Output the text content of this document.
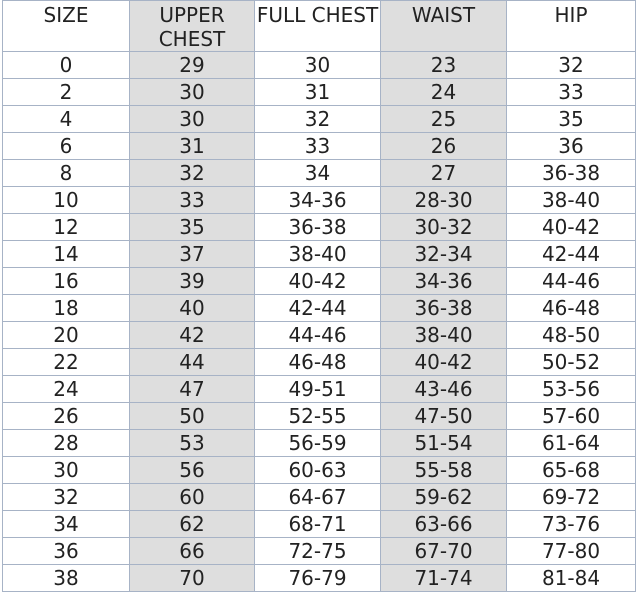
SIZE	UPPER CHEST	FULL CHEST	WAIST	HIP
0	29	30	23	32
2	30	31	24	33
4	30	32	25	35
6	31	33	26	36
8	32	34	27	36-38
10	33	34-36	28-30	38-40
12	35	36-38	30-32	40-42
14	37	38-40	32-34	42-44
16	39	40-42	34-36	44-46
18	40	42-44	36-38	46-48
20	42	44-46	38-40	48-50
22	44	46-48	40-42	50-52
24	47	49-51	43-46	53-56
26	50	52-55	47-50	57-60
28	53	56-59	51-54	61-64
30	56	60-63	55-58	65-68
32	60	64-67	59-62	69-72
34	62	68-71	63-66	73-76
36	66	72-75	67-70	77-80
38	70	76-79	71-74	81-84
